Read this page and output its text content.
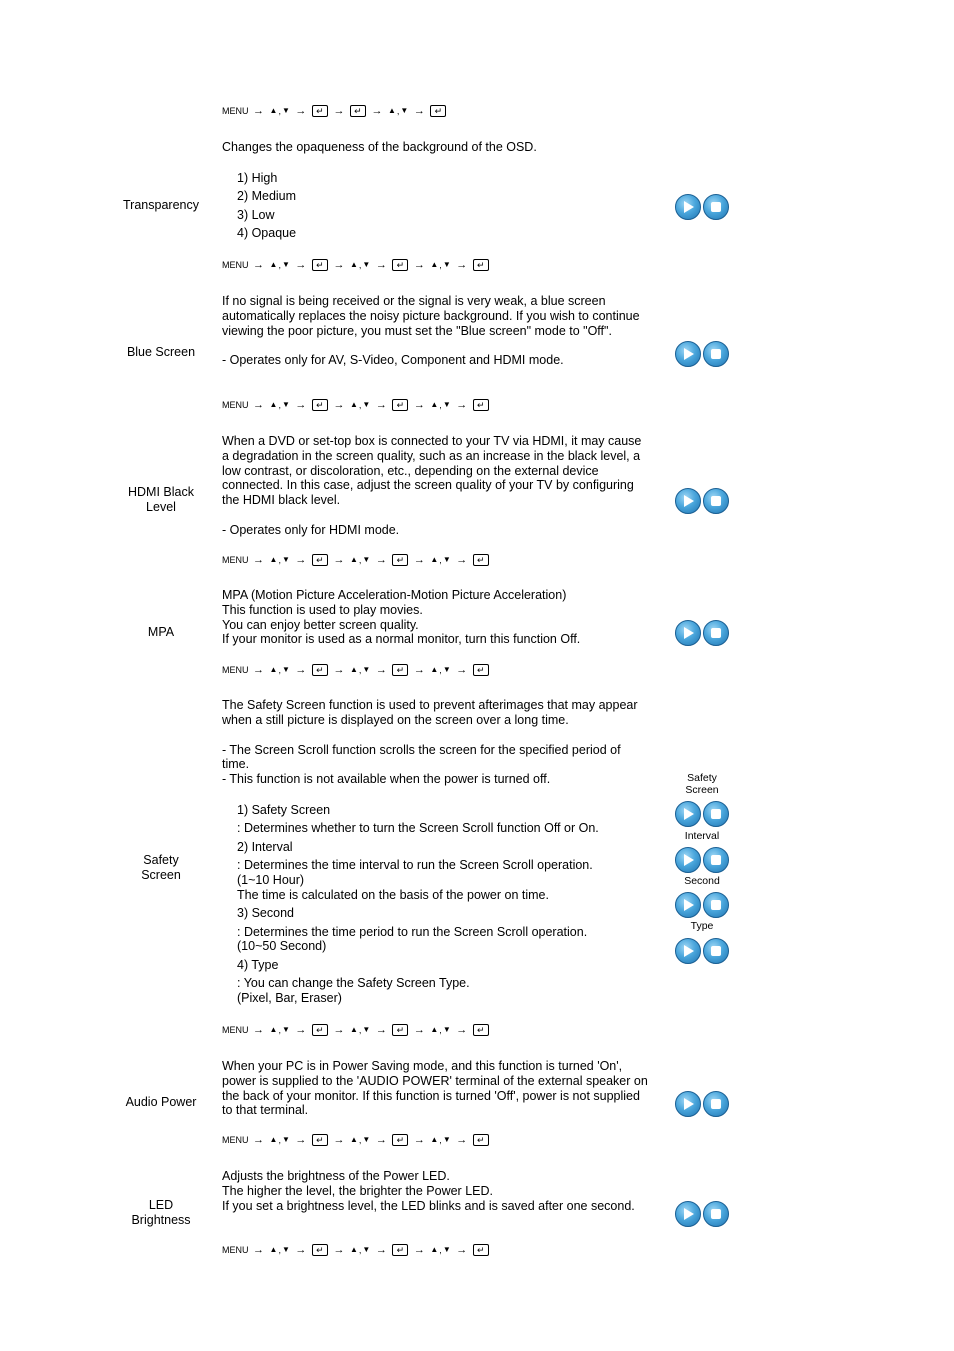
MENU → ▲,▼ → ↵ → ↵ → ▲,▼ → ↵
Transparency

Changes the opaqueness of the background of the OSD.

1) High
2) Medium
3) Low
4) Opaque
MENU → ▲,▼ → ↵ → ▲,▼ → ↵ → ▲,▼ → ↵
Blue Screen

If no signal is being received or the signal is very weak, a blue screen automatically replaces the noisy picture background. If you wish to continue viewing the poor picture, you must set the "Blue screen" mode to "Off".

- Operates only for AV, S-Video, Component and HDMI mode.

MENU → ▲,▼ → ↵ → ▲,▼ → ↵ → ▲,▼ → ↵
HDMI Black
Level

When a DVD or set-top box is connected to your TV via HDMI, it may cause a degradation in the screen quality, such as an increase in the black level, a low contrast, or discoloration, etc., depending on the external device connected. In this case, adjust the screen quality of your TV by configuring the HDMI black level.

- Operates only for HDMI mode.

MENU → ▲,▼ → ↵ → ▲,▼ → ↵ → ▲,▼ → ↵
MPA

MPA (Motion Picture Acceleration-Motion Picture Acceleration)

This function is used to play movies.

You can enjoy better screen quality.

If your monitor is used as a normal monitor, turn this function Off.

MENU → ▲,▼ → ↵ → ▲,▼ → ↵ → ▲,▼ → ↵
Safety
Screen

The Safety Screen function is used to prevent afterimages that may appear when a still picture is displayed on the screen over a long time.

- The Screen Scroll function scrolls the screen for the specified period of time.

- This function is not available when the power is turned off.

1) Safety Screen
: Determines whether to turn the Screen Scroll function Off or On.
2) Interval
: Determines the time interval to run the Screen Scroll operation.
(1~10 Hour)
The time is calculated on the basis of the power on time.
3) Second
: Determines the time period to run the Screen Scroll operation.
(10~50 Second)
4) Type
: You can change the Safety Screen Type.
(Pixel, Bar, Eraser)
Safety
Screen
Interval
Second
Type
MENU → ▲,▼ → ↵ → ▲,▼ → ↵ → ▲,▼ → ↵
Audio Power

When your PC is in Power Saving mode, and this function is turned 'On', power is supplied to the 'AUDIO POWER' terminal of the external speaker on the back of your monitor. If this function is turned 'Off', power is not supplied to that terminal.

MENU → ▲,▼ → ↵ → ▲,▼ → ↵ → ▲,▼ → ↵
LED
Brightness

Adjusts the brightness of the Power LED.

The higher the level, the brighter the Power LED.

If you set a brightness level, the LED blinks and is saved after one second.

MENU → ▲,▼ → ↵ → ▲,▼ → ↵ → ▲,▼ → ↵
